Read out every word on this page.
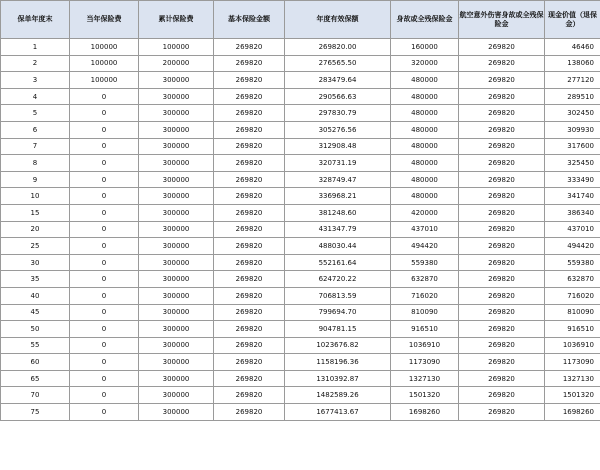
保单年度末	当年保险费	累计保险费	基本保险金额	年度有效保额	身故或全残保险金	航空意外伤害身故或全残保险金	现金价值（退保金）
1	100000	100000	269820	269820.00	160000	269820	46460
2	100000	200000	269820	276565.50	320000	269820	138060
3	100000	300000	269820	283479.64	480000	269820	277120
4	0	300000	269820	290566.63	480000	269820	289510
5	0	300000	269820	297830.79	480000	269820	302450
6	0	300000	269820	305276.56	480000	269820	309930
7	0	300000	269820	312908.48	480000	269820	317600
8	0	300000	269820	320731.19	480000	269820	325450
9	0	300000	269820	328749.47	480000	269820	333490
10	0	300000	269820	336968.21	480000	269820	341740
15	0	300000	269820	381248.60	420000	269820	386340
20	0	300000	269820	431347.79	437010	269820	437010
25	0	300000	269820	488030.44	494420	269820	494420
30	0	300000	269820	552161.64	559380	269820	559380
35	0	300000	269820	624720.22	632870	269820	632870
40	0	300000	269820	706813.59	716020	269820	716020
45	0	300000	269820	799694.70	810090	269820	810090
50	0	300000	269820	904781.15	916510	269820	916510
55	0	300000	269820	1023676.82	1036910	269820	1036910
60	0	300000	269820	1158196.36	1173090	269820	1173090
65	0	300000	269820	1310392.87	1327130	269820	1327130
70	0	300000	269820	1482589.26	1501320	269820	1501320
75	0	300000	269820	1677413.67	1698260	269820	1698260
